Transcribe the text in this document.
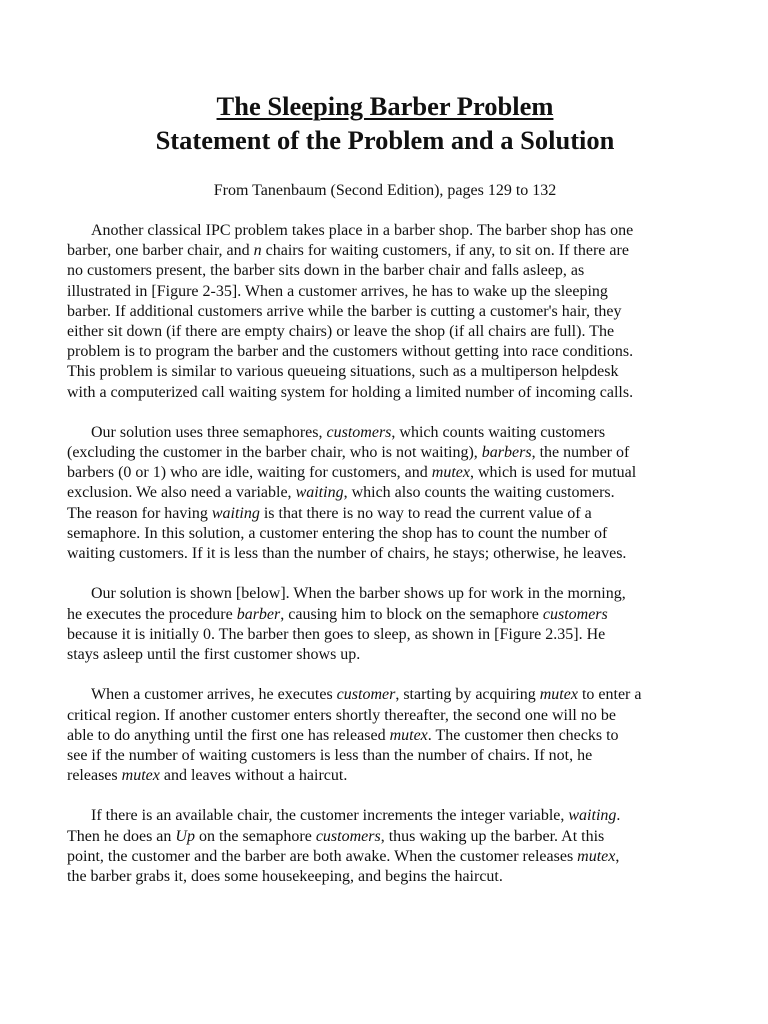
The Sleeping Barber Problem
Statement of the Problem and a Solution

From Tanenbaum (Second Edition), pages 129 to 132

Another classical IPC problem takes place in a barber shop. The barber shop has one
barber, one barber chair, and n chairs for waiting customers, if any, to sit on. If there are
no customers present, the barber sits down in the barber chair and falls asleep, as
illustrated in [Figure 2-35]. When a customer arrives, he has to wake up the sleeping
barber. If additional customers arrive while the barber is cutting a customer's hair, they
either sit down (if there are empty chairs) or leave the shop (if all chairs are full). The
problem is to program the barber and the customers without getting into race conditions.
This problem is similar to various queueing situations, such as a multiperson helpdesk
with a computerized call waiting system for holding a limited number of incoming calls.
Our solution uses three semaphores, customers, which counts waiting customers
(excluding the customer in the barber chair, who is not waiting), barbers, the number of
barbers (0 or 1) who are idle, waiting for customers, and mutex, which is used for mutual
exclusion. We also need a variable, waiting, which also counts the waiting customers.
The reason for having waiting is that there is no way to read the current value of a
semaphore. In this solution, a customer entering the shop has to count the number of
waiting customers. If it is less than the number of chairs, he stays; otherwise, he leaves.
Our solution is shown [below]. When the barber shows up for work in the morning,
he executes the procedure barber, causing him to block on the semaphore customers
because it is initially 0. The barber then goes to sleep, as shown in [Figure 2.35]. He
stays asleep until the first customer shows up.
When a customer arrives, he executes customer, starting by acquiring mutex to enter a
critical region. If another customer enters shortly thereafter, the second one will no be
able to do anything until the first one has released mutex. The customer then checks to
see if the number of waiting customers is less than the number of chairs. If not, he
releases mutex and leaves without a haircut.
If there is an available chair, the customer increments the integer variable, waiting.
Then he does an Up on the semaphore customers, thus waking up the barber. At this
point, the customer and the barber are both awake. When the customer releases mutex,
the barber grabs it, does some housekeeping, and begins the haircut.
